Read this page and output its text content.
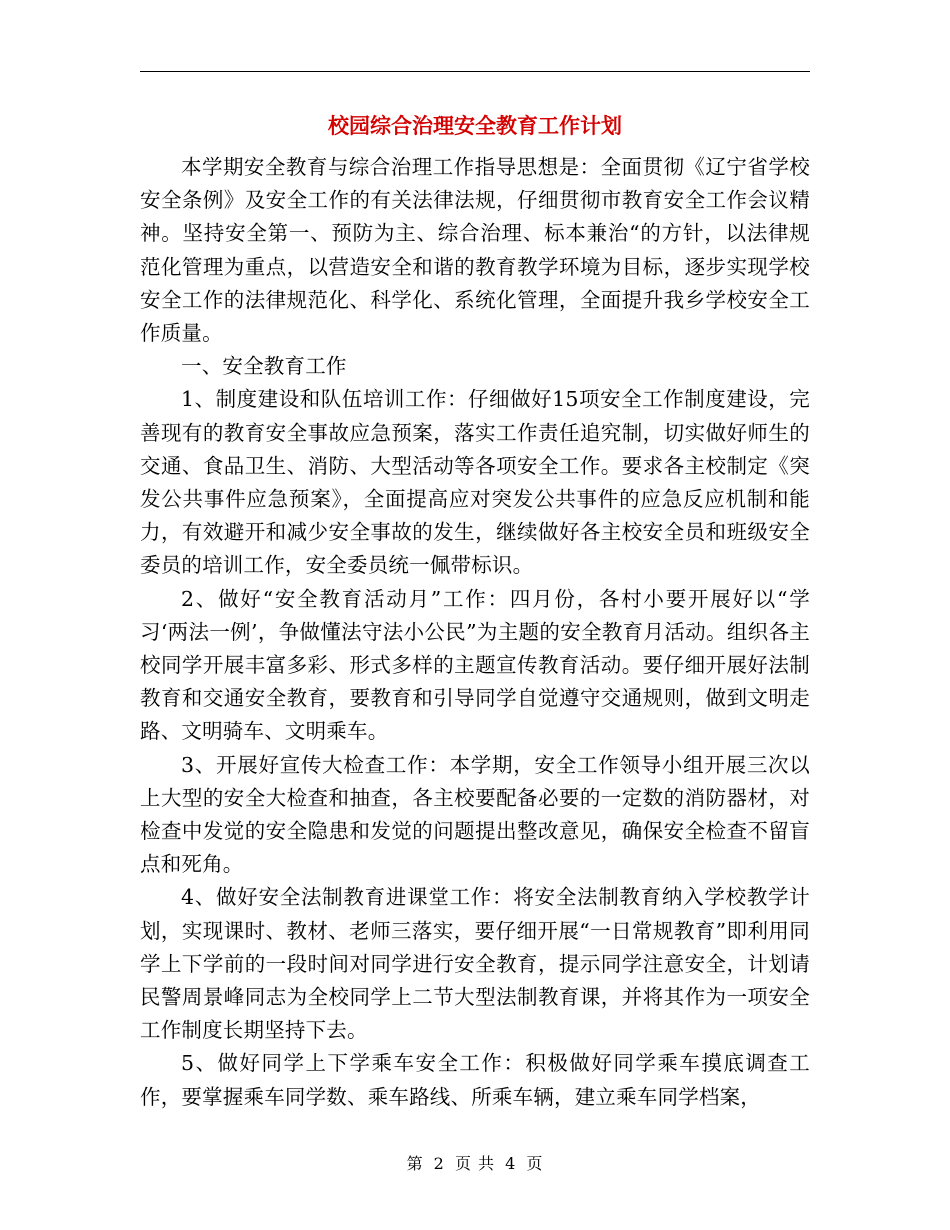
校园综合治理安全教育工作计划

本学期安全教育与综合治理工作指导思想是：全面贯彻《辽宁省学校安全条例》及安全工作的有关法律法规，仔细贯彻市教育安全工作会议精神。坚持安全第一、预防为主、综合治理、标本兼治“的方针，以法律规范化管理为重点，以营造安全和谐的教育教学环境为目标，逐步实现学校安全工作的法律规范化、科学化、系统化管理，全面提升我乡学校安全工作质量。

一、安全教育工作

1、制度建设和队伍培训工作：仔细做好15项安全工作制度建设，完善现有的教育安全事故应急预案，落实工作责任追究制，切实做好师生的交通、食品卫生、消防、大型活动等各项安全工作。要求各主校制定《突发公共事件应急预案》，全面提高应对突发公共事件的应急反应机制和能力，有效避开和减少安全事故的发生，继续做好各主校安全员和班级安全委员的培训工作，安全委员统一佩带标识。

2、做好“安全教育活动月”工作：四月份，各村小要开展好以“学习‘两法一例’，争做懂法守法小公民”为主题的安全教育月活动。组织各主校同学开展丰富多彩、形式多样的主题宣传教育活动。要仔细开展好法制教育和交通安全教育，要教育和引导同学自觉遵守交通规则，做到文明走路、文明骑车、文明乘车。

3、开展好宣传大检查工作：本学期，安全工作领导小组开展三次以上大型的安全大检查和抽查，各主校要配备必要的一定数的消防器材，对检查中发觉的安全隐患和发觉的问题提出整改意见，确保安全检查不留盲点和死角。

4、做好安全法制教育进课堂工作：将安全法制教育纳入学校教学计划，实现课时、教材、老师三落实，要仔细开展“一日常规教育”即利用同学上下学前的一段时间对同学进行安全教育，提示同学注意安全，计划请民警周景峰同志为全校同学上二节大型法制教育课，并将其作为一项安全工作制度长期坚持下去。

5、做好同学上下学乘车安全工作：积极做好同学乘车摸底调查工作，要掌握乘车同学数、乘车路线、所乘车辆，建立乘车同学档案，

第 2 页 共 4 页
